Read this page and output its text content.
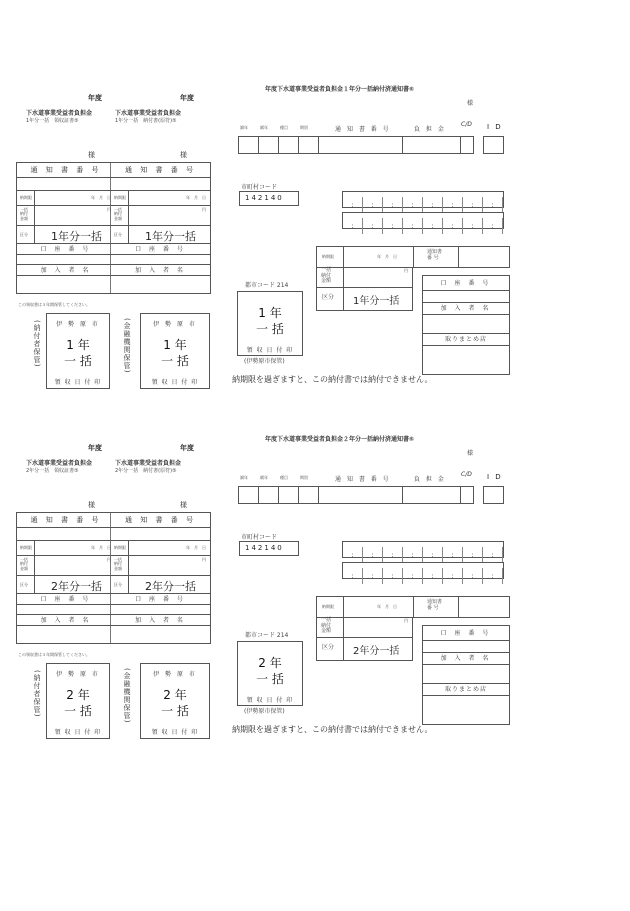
年度	年度
下水道事業受益者負担金	下水道事業受益者負担金
1年分一括　領収証書⑤	1年分一括　納付書(原符)⑤
様	様
通 知 書 番 号
納期限	年　月　日
一括 納付 金額
円
区分 1年分一括
口 座 番 号
加 入 者 名
通 知 書 番 号
納期限	年　月　日
一括 納付 金額
円
区分 1年分一括
口 座 番 号
加 入 者 名
この領収書は５年間保管してください。
(納付者保管)	伊 勢 原 市
1 年
一 括
領 収 日 付 印
(金融機関保管)	伊 勢 原 市
1 年
一 括
領 収 日 付 印
年度下水道事業受益者負担金１年分一括納付済通知書⑤
様
調年	賦年	種目	期別	通 知 書 番 号	負 担 金
C/D I D
市町村コード
142140
:	:	:	:	:	:	:	:
:	:	:	:	:	:	:	:
納期限	年　月　日
通知書 番 号
一括 納付 金額
円
区分 1年分一括
口 座 番 号
加 入 者 名
取りまとめ店
都市コード 214
1 年
一 括
領 収 日 付 印
(伊勢原市保管)
納期限を過ぎますと、この納付書では納付できません。
年度	年度
下水道事業受益者負担金	下水道事業受益者負担金
2年分一括　領収証書⑤	2年分一括　納付書(原符)⑤
様	様
通 知 書 番 号
納期限	年　月　日
一括 納付 金額
円
区分 2年分一括
口 座 番 号
加 入 者 名
通 知 書 番 号
納期限	年　月　日
一括 納付 金額
円
区分 2年分一括
口 座 番 号
加 入 者 名
この領収書は５年間保管してください。
(納付者保管)	伊 勢 原 市
2 年
一 括
領 収 日 付 印
(金融機関保管)	伊 勢 原 市
2 年
一 括
領 収 日 付 印
年度下水道事業受益者負担金２年分一括納付済通知書⑤
様
調年	賦年	種目	期別	通 知 書 番 号	負 担 金
C/D I D
市町村コード
142140
:	:	:	:	:	:	:	:
:	:	:	:	:	:	:	:
納期限	年　月　日
通知書 番 号
一括 納付 金額
円
区分 2年分一括
口 座 番 号
加 入 者 名
取りまとめ店
都市コード 214
2 年
一 括
領 収 日 付 印
(伊勢原市保管)
納期限を過ぎますと、この納付書では納付できません。
